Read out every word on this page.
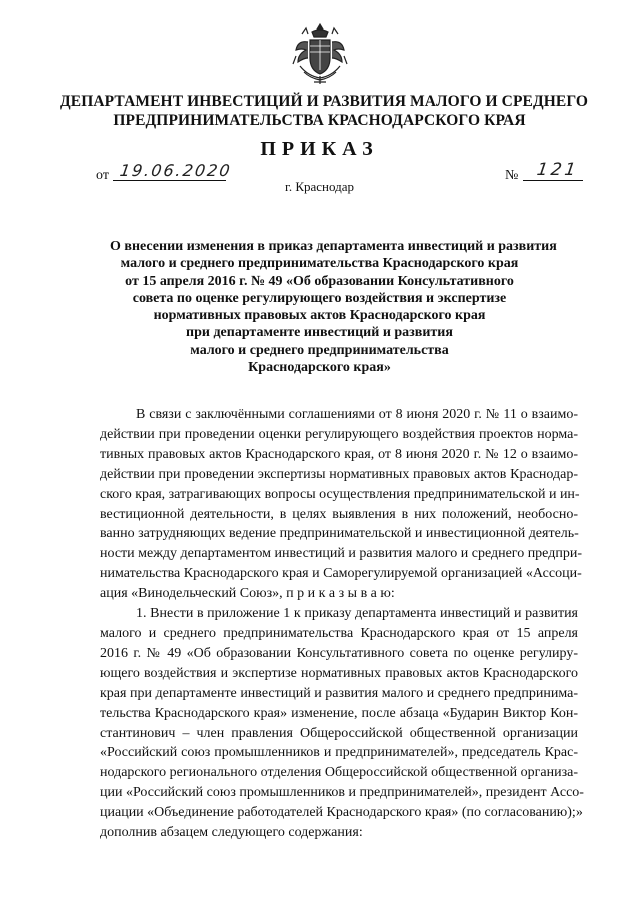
ДЕПАРТАМЕНТ ИНВЕСТИЦИЙ И РАЗВИТИЯ МАЛОГО И СРЕДНЕГО
ПРЕДПРИНИМАТЕЛЬСТВА КРАСНОДАРСКОГО КРАЯ
ПРИКАЗ
от 19.06.2020	№ 121
г. Краснодар
О внесении изменения в приказ департамента инвестиций и развития
малого и среднего предпринимательства Краснодарского края
от 15 апреля 2016 г. № 49 «Об образовании Консультативного
совета по оценке регулирующего воздействия и экспертизе
нормативных правовых актов Краснодарского края
при департаменте инвестиций и развития
малого и среднего предпринимательства
Краснодарского края»
В связи с заключёнными соглашениями от 8 июня 2020 г. № 11 о взаимо-
действии при проведении оценки регулирующего воздействия проектов норма-
тивных правовых актов Краснодарского края, от 8 июня 2020 г. № 12 о взаимо-
действии при проведении экспертизы нормативных правовых актов Краснодар-
ского края, затрагивающих вопросы осуществления предпринимательской и ин-
вестиционной деятельности, в целях выявления в них положений, необосно-
ванно затрудняющих ведение предпринимательской и инвестиционной деятель-
ности между департаментом инвестиций и развития малого и среднего предпри-
нимательства Краснодарского края и Саморегулируемой организацией «Ассоци-
ация «Винодельческий Союз», п р и к а з ы в а ю:
1. Внести в приложение 1 к приказу департамента инвестиций и развития
малого и среднего предпринимательства Краснодарского края от 15 апреля
2016 г. № 49 «Об образовании Консультативного совета по оценке регулиру-
ющего воздействия и экспертизе нормативных правовых актов Краснодарского
края при департаменте инвестиций и развития малого и среднего предпринима-
тельства Краснодарского края» изменение, после абзаца «Бударин Виктор Кон-
стантинович – член правления Общероссийской общественной организации
«Российский союз промышленников и предпринимателей», председатель Крас-
нодарского регионального отделения Общероссийской общественной организа-
ции «Российский союз промышленников и предпринимателей», президент Ассо-
циации «Объединение работодателей Краснодарского края» (по согласованию);»
дополнив абзацем следующего содержания:
